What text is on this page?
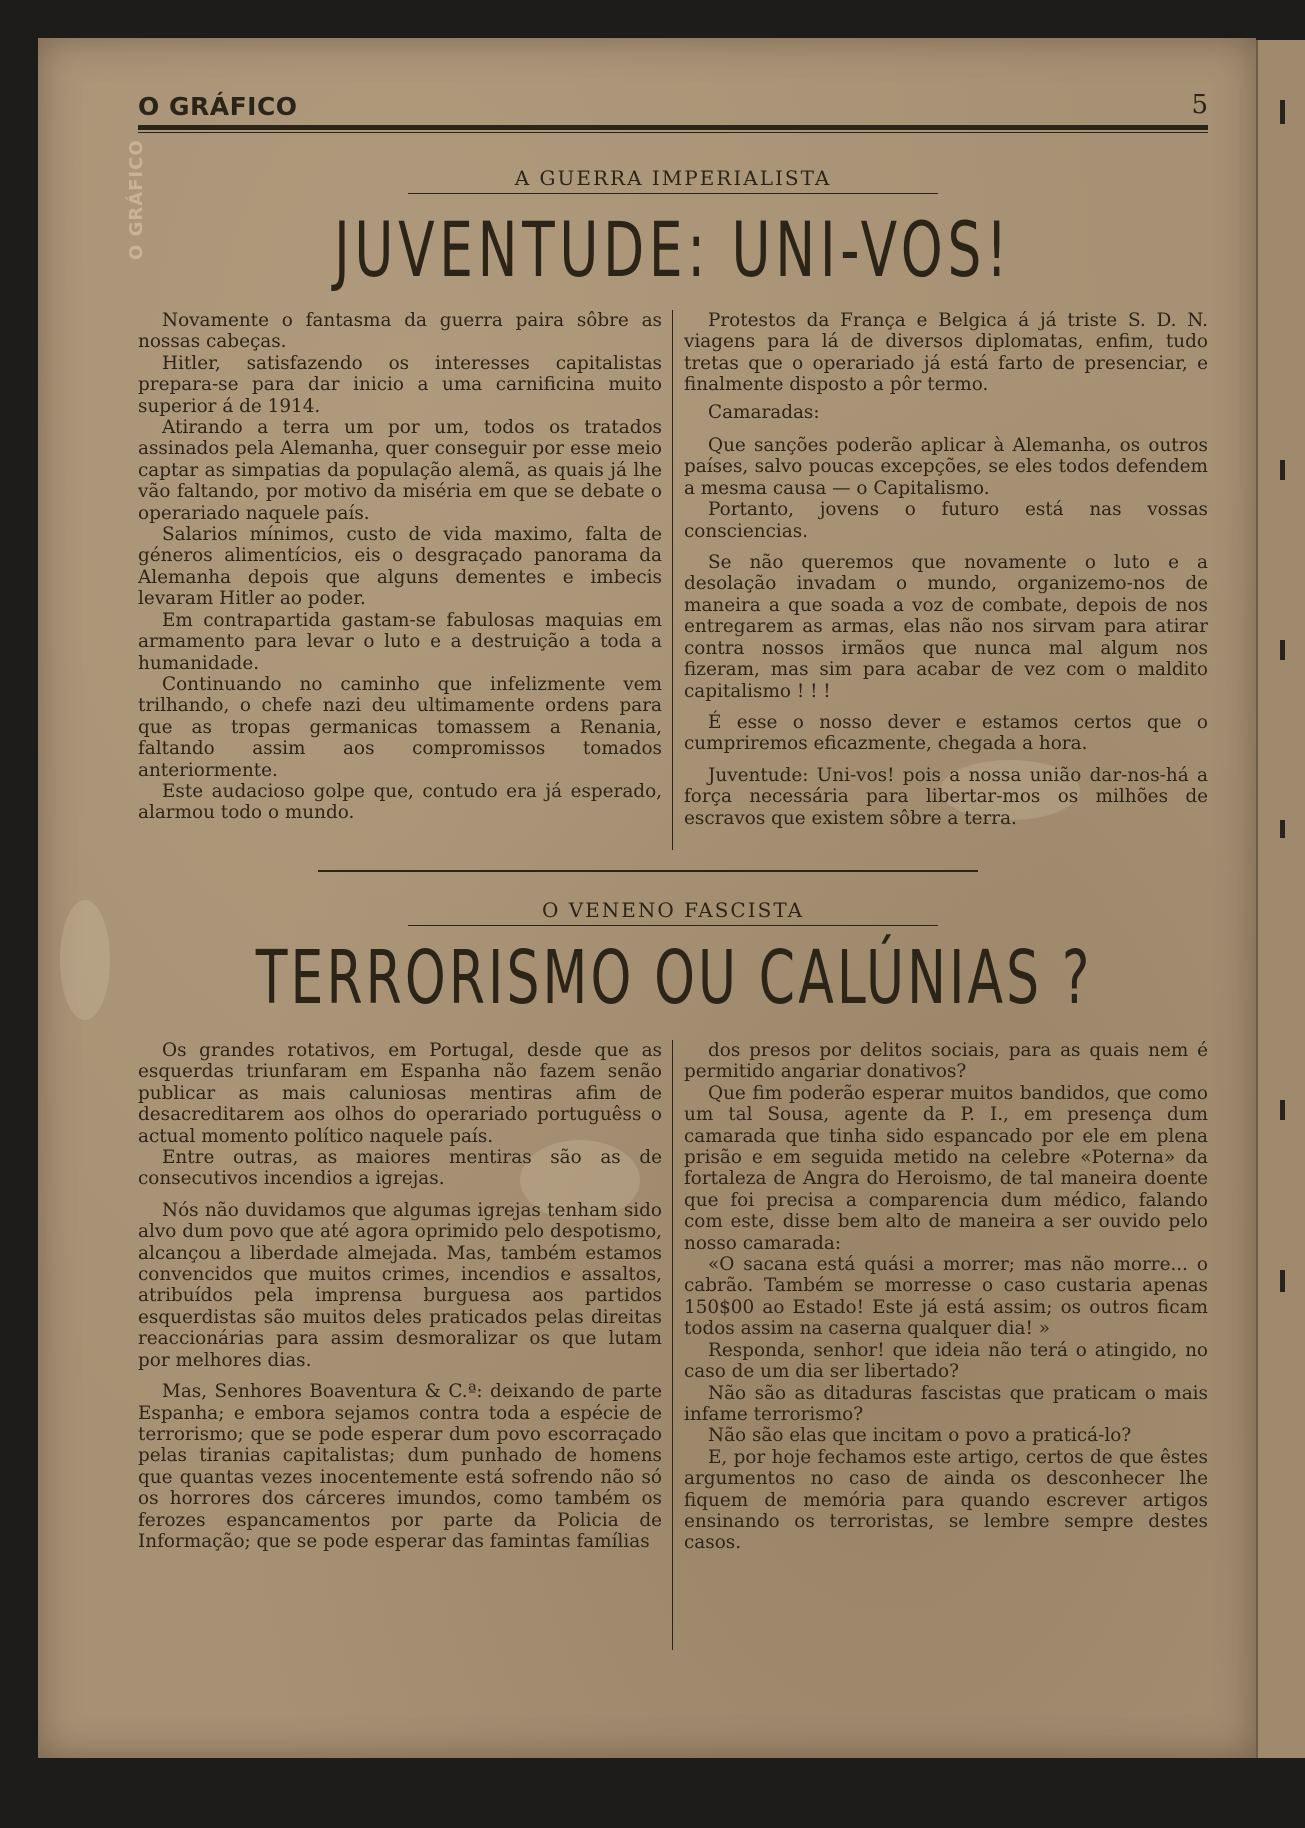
O GRÁFICO	5
O GRÁFICO	A GUERRA IMPERIALISTA
JUVENTUDE: UNI-VOS!

Novamente o fantasma da guerra paira sôbre as nossas cabeças.

Hitler, satisfazendo os interesses capitalistas prepara-se para dar inicio a uma carnificina muito superior á de 1914.

Atirando a terra um por um, todos os tratados assinados pela Alemanha, quer conseguir por esse meio captar as simpatias da população alemã, as quais já lhe vão faltando, por motivo da miséria em que se debate o operariado naquele país.

Salarios mínimos, custo de vida maximo, falta de géneros alimentícios, eis o desgraçado panorama da Alemanha depois que alguns dementes e imbecis levaram Hitler ao poder.

Em contrapartida gastam-se fabulosas maquias em armamento para levar o luto e a destruição a toda a humanidade.

Continuando no caminho que infelizmente vem trilhando, o chefe nazi deu ultimamente ordens para que as tropas germanicas tomassem a Renania, faltando assim aos compromissos tomados anteriormente.

Este audacioso golpe que, contudo era já esperado, alarmou todo o mundo.

Protestos da França e Belgica á já triste S. D. N. viagens para lá de diversos diplomatas, enfim, tudo tretas que o operariado já está farto de presenciar, e finalmente disposto a pôr termo.

Camaradas:

Que sanções poderão aplicar à Alemanha, os outros países, salvo poucas excepções, se eles todos defendem a mesma causa — o Capitalismo.

Portanto, jovens o futuro está nas vossas consciencias.

Se não queremos que novamente o luto e a desolação invadam o mundo, organizemo-nos de maneira a que soada a voz de combate, depois de nos entregarem as armas, elas não nos sirvam para atirar contra nossos irmãos que nunca mal algum nos fizeram, mas sim para acabar de vez com o maldito capitalismo ! ! !

É esse o nosso dever e estamos certos que o cumpriremos eficazmente, chegada a hora.

Juventude: Uni-vos! pois a nossa união dar-nos-há a força necessária para libertar-mos os milhões de escravos que existem sôbre a terra.

O VENENO FASCISTA
TERRORISMO OU CALÚNIAS ?

Os grandes rotativos, em Portugal, desde que as esquerdas triunfaram em Espanha não fazem senão publicar as mais caluniosas mentiras afim de desacreditarem aos olhos do operariado portuguêss o actual momento político naquele país.

Entre outras, as maiores mentiras são as de consecutivos incendios a igrejas.

Nós não duvidamos que algumas igrejas tenham sido alvo dum povo que até agora oprimido pelo despotismo, alcançou a liberdade almejada. Mas, também estamos convencidos que muitos crimes, incendios e assaltos, atribuídos pela imprensa burguesa aos partidos esquerdistas são muitos deles praticados pelas direitas reaccionárias para assim desmoralizar os que lutam por melhores dias.

Mas, Senhores Boaventura & C.ª: deixando de parte Espanha; e embora sejamos contra toda a espécie de terrorismo; que se pode esperar dum povo escorraçado pelas tiranias capitalistas; dum punhado de homens que quantas vezes inocentemente está sofrendo não só os horrores dos cárceres imundos, como também os ferozes espancamentos por parte da Policia de Informação; que se pode esperar das famintas famílias

dos presos por delitos sociais, para as quais nem é permitido angariar donativos?

Que fim poderão esperar muitos bandidos, que como um tal Sousa, agente da P. I., em presença dum camarada que tinha sido espancado por ele em plena prisão e em seguida metido na celebre «Poterna» da fortaleza de Angra do Heroismo, de tal maneira doente que foi precisa a comparencia dum médico, falando com este, disse bem alto de maneira a ser ouvido pelo nosso camarada:

«O sacana está quási a morrer; mas não morre... o cabrão. Também se morresse o caso custaria apenas 150$00 ao Estado! Este já está assim; os outros ficam todos assim na caserna qualquer dia! »

Responda, senhor! que ideia não terá o atingido, no caso de um dia ser libertado?

Não são as ditaduras fascistas que praticam o mais infame terrorismo?

Não são elas que incitam o povo a praticá-lo?

E, por hoje fechamos este artigo, certos de que êstes argumentos no caso de ainda os desconhecer lhe fiquem de memória para quando escrever artigos ensinando os terroristas, se lembre sempre destes casos.
